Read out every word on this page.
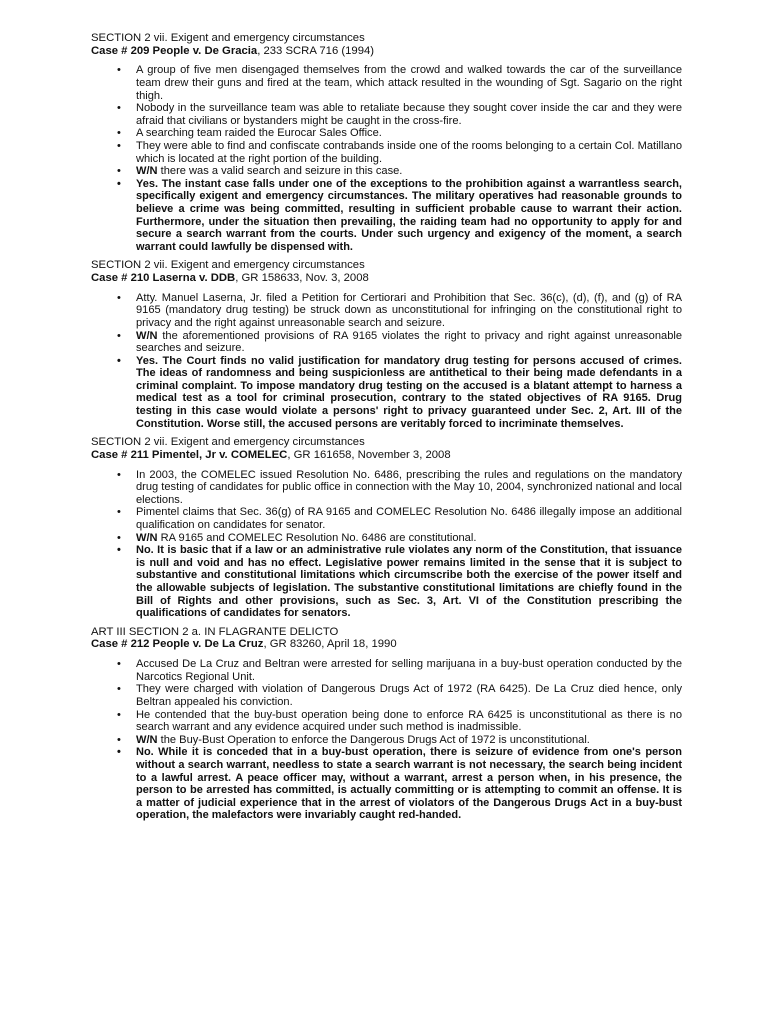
SECTION 2 vii. Exigent and emergency circumstances
Case # 209 People v. De Gracia, 233 SCRA 716 (1994)
• A group of five men disengaged themselves from the crowd and walked towards the car of the surveillance team drew their guns and fired at the team, which attack resulted in the wounding of Sgt. Sagario on the right thigh.
• Nobody in the surveillance team was able to retaliate because they sought cover inside the car and they were afraid that civilians or bystanders might be caught in the cross-fire.
• A searching team raided the Eurocar Sales Office.
• They were able to find and confiscate contrabands inside one of the rooms belonging to a certain Col. Matillano which is located at the right portion of the building.
• W/N there was a valid search and seizure in this case.
• Yes. The instant case falls under one of the exceptions to the prohibition against a warrantless search, specifically exigent and emergency circumstances. The military operatives had reasonable grounds to believe a crime was being committed, resulting in sufficient probable cause to warrant their action. Furthermore, under the situation then prevailing, the raiding team had no opportunity to apply for and secure a search warrant from the courts. Under such urgency and exigency of the moment, a search warrant could lawfully be dispensed with.
SECTION 2 vii. Exigent and emergency circumstances
Case # 210 Laserna v. DDB, GR 158633, Nov. 3, 2008
• Atty. Manuel Laserna, Jr. filed a Petition for Certiorari and Prohibition that Sec. 36(c), (d), (f), and (g) of RA 9165 (mandatory drug testing) be struck down as unconstitutional for infringing on the constitutional right to privacy and the right against unreasonable search and seizure.
• W/N the aforementioned provisions of RA 9165 violates the right to privacy and right against unreasonable searches and seizure.
• Yes. The Court finds no valid justification for mandatory drug testing for persons accused of crimes. The ideas of randomness and being suspicionless are antithetical to their being made defendants in a criminal complaint. To impose mandatory drug testing on the accused is a blatant attempt to harness a medical test as a tool for criminal prosecution, contrary to the stated objectives of RA 9165. Drug testing in this case would violate a persons' right to privacy guaranteed under Sec. 2, Art. III of the Constitution. Worse still, the accused persons are veritably forced to incriminate themselves.
SECTION 2 vii. Exigent and emergency circumstances
Case # 211 Pimentel, Jr v. COMELEC, GR 161658, November 3, 2008
• In 2003, the COMELEC issued Resolution No. 6486, prescribing the rules and regulations on the mandatory drug testing of candidates for public office in connection with the May 10, 2004, synchronized national and local elections.
• Pimentel claims that Sec. 36(g) of RA 9165 and COMELEC Resolution No. 6486 illegally impose an additional qualification on candidates for senator.
• W/N RA 9165 and COMELEC Resolution No. 6486 are constitutional.
• No. It is basic that if a law or an administrative rule violates any norm of the Constitution, that issuance is null and void and has no effect. Legislative power remains limited in the sense that it is subject to substantive and constitutional limitations which circumscribe both the exercise of the power itself and the allowable subjects of legislation. The substantive constitutional limitations are chiefly found in the Bill of Rights and other provisions, such as Sec. 3, Art. VI of the Constitution prescribing the qualifications of candidates for senators.
ART III SECTION 2 a. IN FLAGRANTE DELICTO
Case # 212 People v. De La Cruz, GR 83260, April 18, 1990
• Accused De La Cruz and Beltran were arrested for selling marijuana in a buy-bust operation conducted by the Narcotics Regional Unit.
• They were charged with violation of Dangerous Drugs Act of 1972 (RA 6425). De La Cruz died hence, only Beltran appealed his conviction.
• He contended that the buy-bust operation being done to enforce RA 6425 is unconstitutional as there is no search warrant and any evidence acquired under such method is inadmissible.
• W/N the Buy-Bust Operation to enforce the Dangerous Drugs Act of 1972 is unconstitutional.
• No. While it is conceded that in a buy-bust operation, there is seizure of evidence from one's person without a search warrant, needless to state a search warrant is not necessary, the search being incident to a lawful arrest. A peace officer may, without a warrant, arrest a person when, in his presence, the person to be arrested has committed, is actually committing or is attempting to commit an offense. It is a matter of judicial experience that in the arrest of violators of the Dangerous Drugs Act in a buy-bust operation, the malefactors were invariably caught red-handed.
